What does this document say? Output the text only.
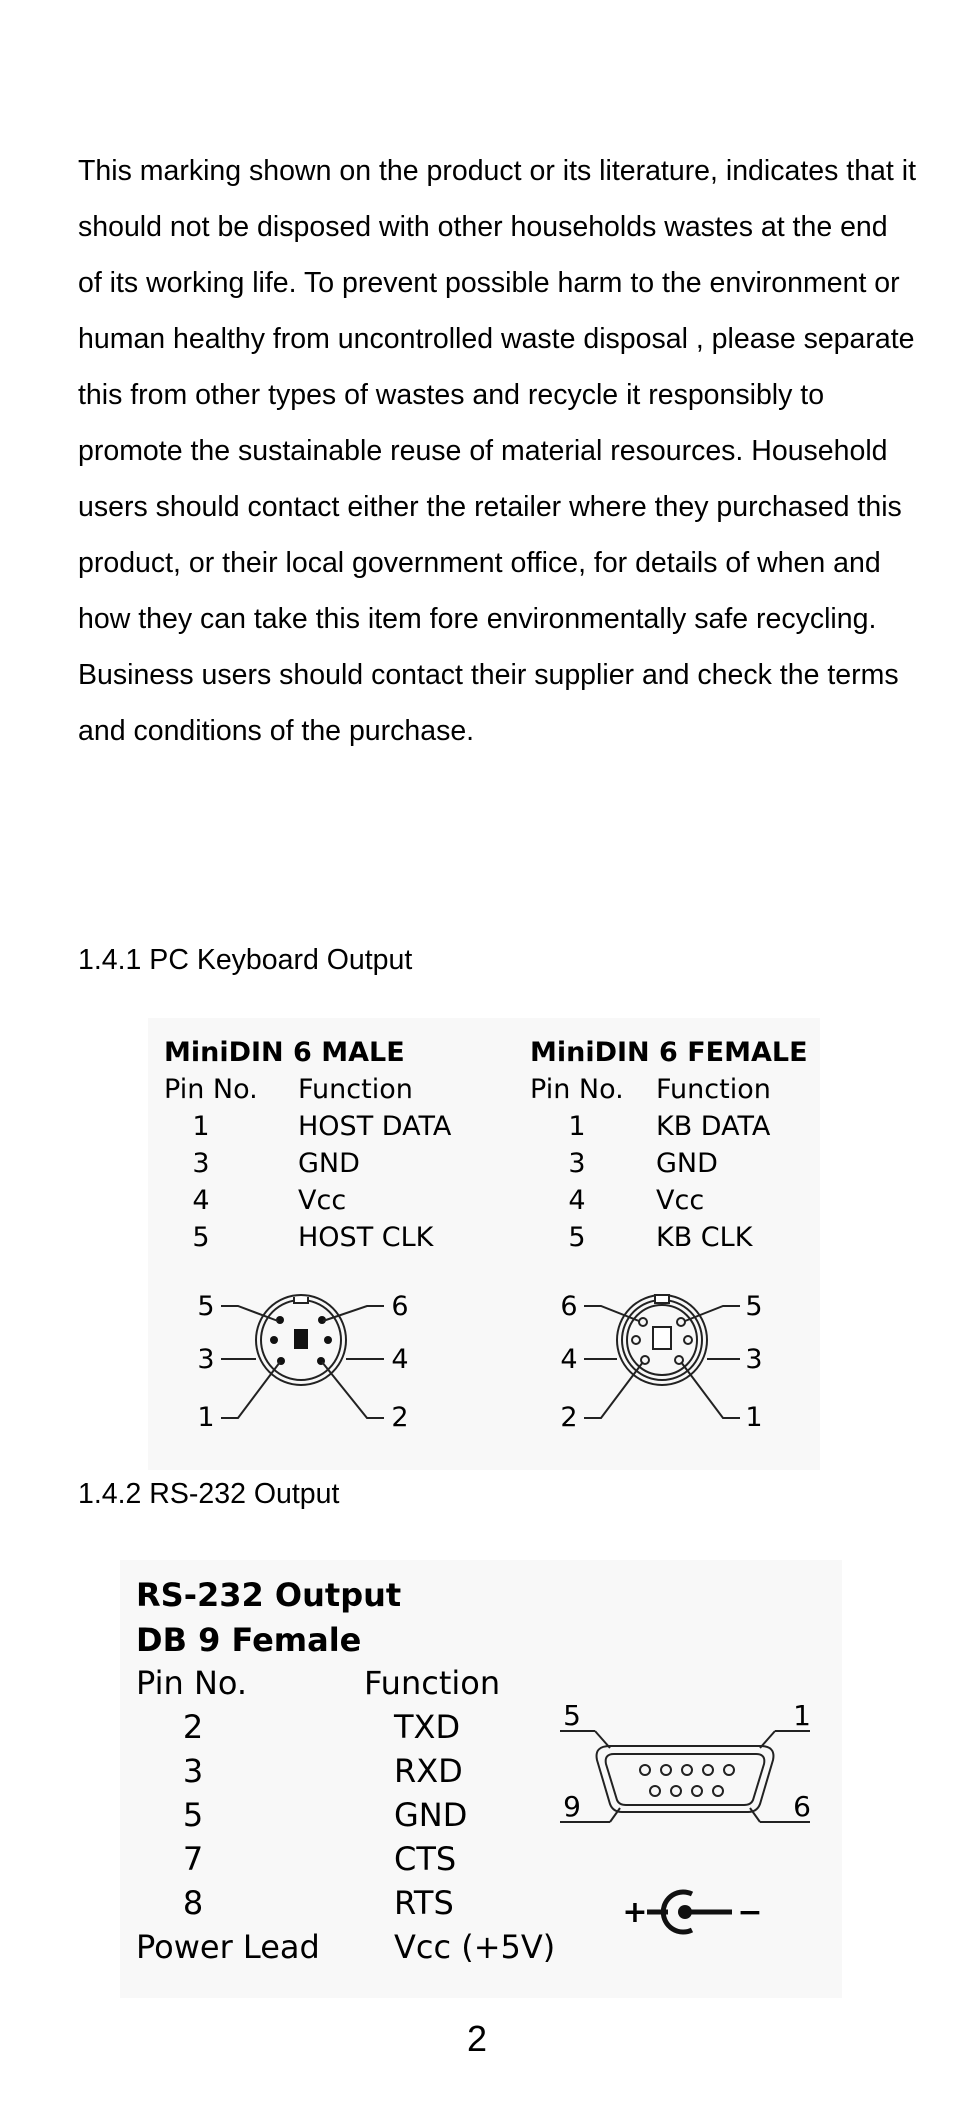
This marking shown on the product or its literature, indicates that it should not be disposed with other households wastes at the end of its working life. To prevent possible harm to the environment or human healthy from uncontrolled waste disposal , please separate this from other types of wastes and recycle it responsibly to promote the sustainable reuse of material resources. Household users should contact either the retailer where they purchased this product, or their local government office, for details of when and how they can take this item fore environmentally safe recycling. Business users should contact their supplier and check the terms and conditions of the purchase.

1.4.1 PC Keyboard Output
MiniDIN 6 MALE
Pin No. Function
1	HOST DATA
3	GND
4	Vcc
5	HOST CLK
MiniDIN 6 FEMALE
Pin No. Function
1	KB DATA
3	GND
4	Vcc
5	KB CLK
5	6
3	4
1	2
6	5
4	3
2	1
1.4.2 RS-232 Output
RS-232 Output
DB 9 Female
Pin No.	Function
2	TXD
3	RXD
5	GND
7	CTS
8	RTS
Power Lead Vcc (+5V)
5	1
9	6
+	−
2
